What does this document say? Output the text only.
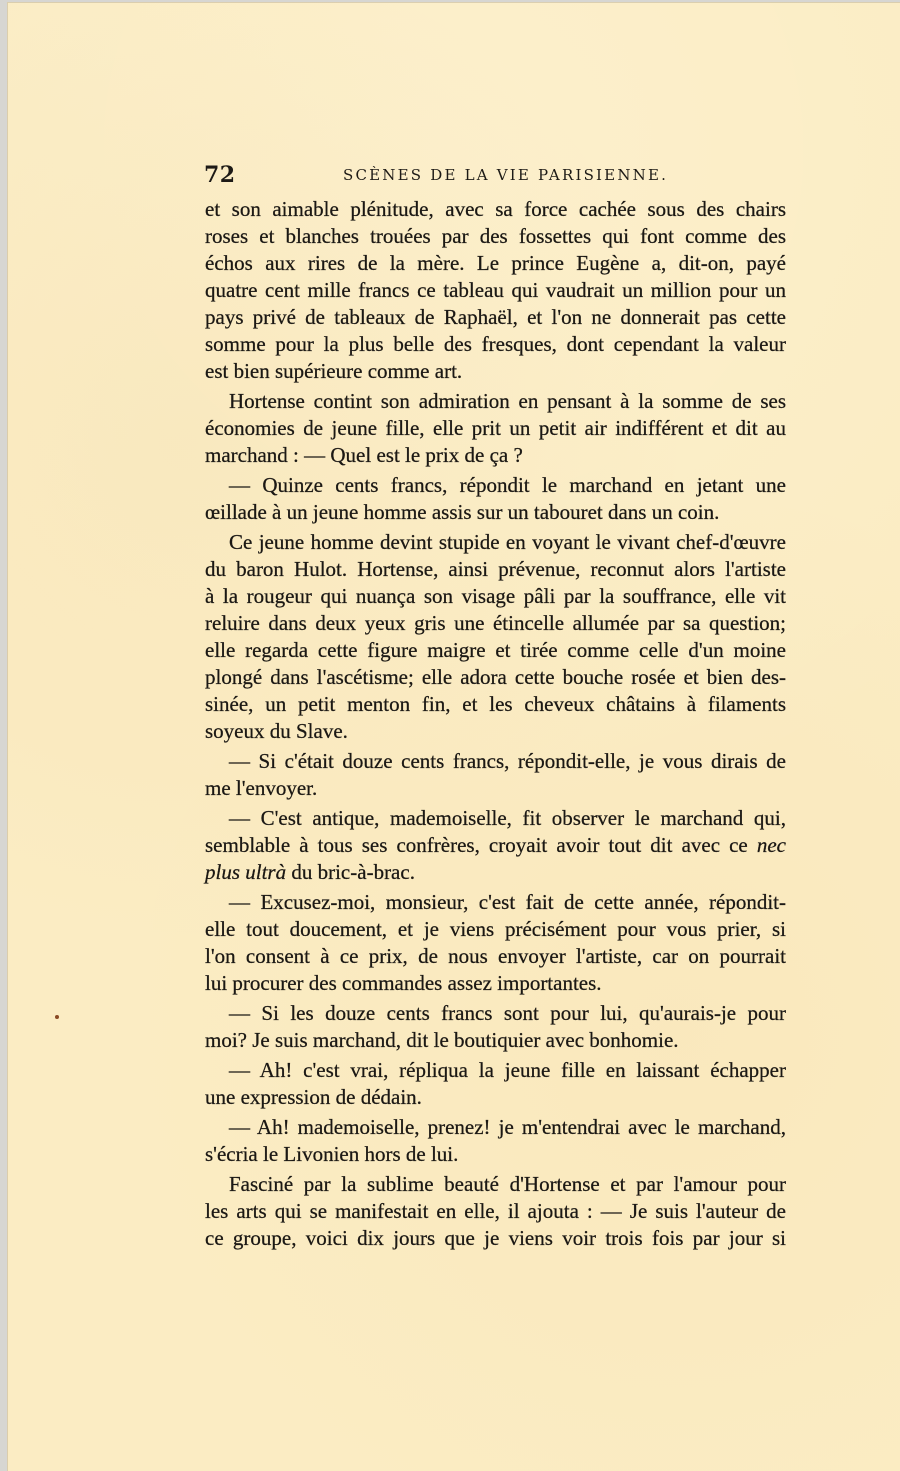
72	SCÈNES DE LA VIE PARISIENNE.
et son aimable plénitude, avec sa force cachée sous des chairs
roses et blanches trouées par des fossettes qui font comme des
échos aux rires de la mère. Le prince Eugène a, dit-on, payé
quatre cent mille francs ce tableau qui vaudrait un million pour un
pays privé de tableaux de Raphaël, et l'on ne donnerait pas cette
somme pour la plus belle des fresques, dont cependant la valeur
est bien supérieure comme art.
Hortense contint son admiration en pensant à la somme de ses
économies de jeune fille, elle prit un petit air indifférent et dit au
marchand : — Quel est le prix de ça ?
— Quinze cents francs, répondit le marchand en jetant une
œillade à un jeune homme assis sur un tabouret dans un coin.
Ce jeune homme devint stupide en voyant le vivant chef-d'œuvre
du baron Hulot. Hortense, ainsi prévenue, reconnut alors l'artiste
à la rougeur qui nuança son visage pâli par la souffrance, elle vit
reluire dans deux yeux gris une étincelle allumée par sa question;
elle regarda cette figure maigre et tirée comme celle d'un moine
plongé dans l'ascétisme; elle adora cette bouche rosée et bien des-
sinée, un petit menton fin, et les cheveux châtains à filaments
soyeux du Slave.
— Si c'était douze cents francs, répondit-elle, je vous dirais de
me l'envoyer.
— C'est antique, mademoiselle, fit observer le marchand qui,
semblable à tous ses confrères, croyait avoir tout dit avec ce nec
plus ultrà du bric-à-brac.
— Excusez-moi, monsieur, c'est fait de cette année, répondit-
elle tout doucement, et je viens précisément pour vous prier, si
l'on consent à ce prix, de nous envoyer l'artiste, car on pourrait
lui procurer des commandes assez importantes.
— Si les douze cents francs sont pour lui, qu'aurais-je pour
moi? Je suis marchand, dit le boutiquier avec bonhomie.
— Ah! c'est vrai, répliqua la jeune fille en laissant échapper
une expression de dédain.
— Ah! mademoiselle, prenez! je m'entendrai avec le marchand,
s'écria le Livonien hors de lui.
Fasciné par la sublime beauté d'Hortense et par l'amour pour
les arts qui se manifestait en elle, il ajouta : — Je suis l'auteur de
ce groupe, voici dix jours que je viens voir trois fois par jour si
